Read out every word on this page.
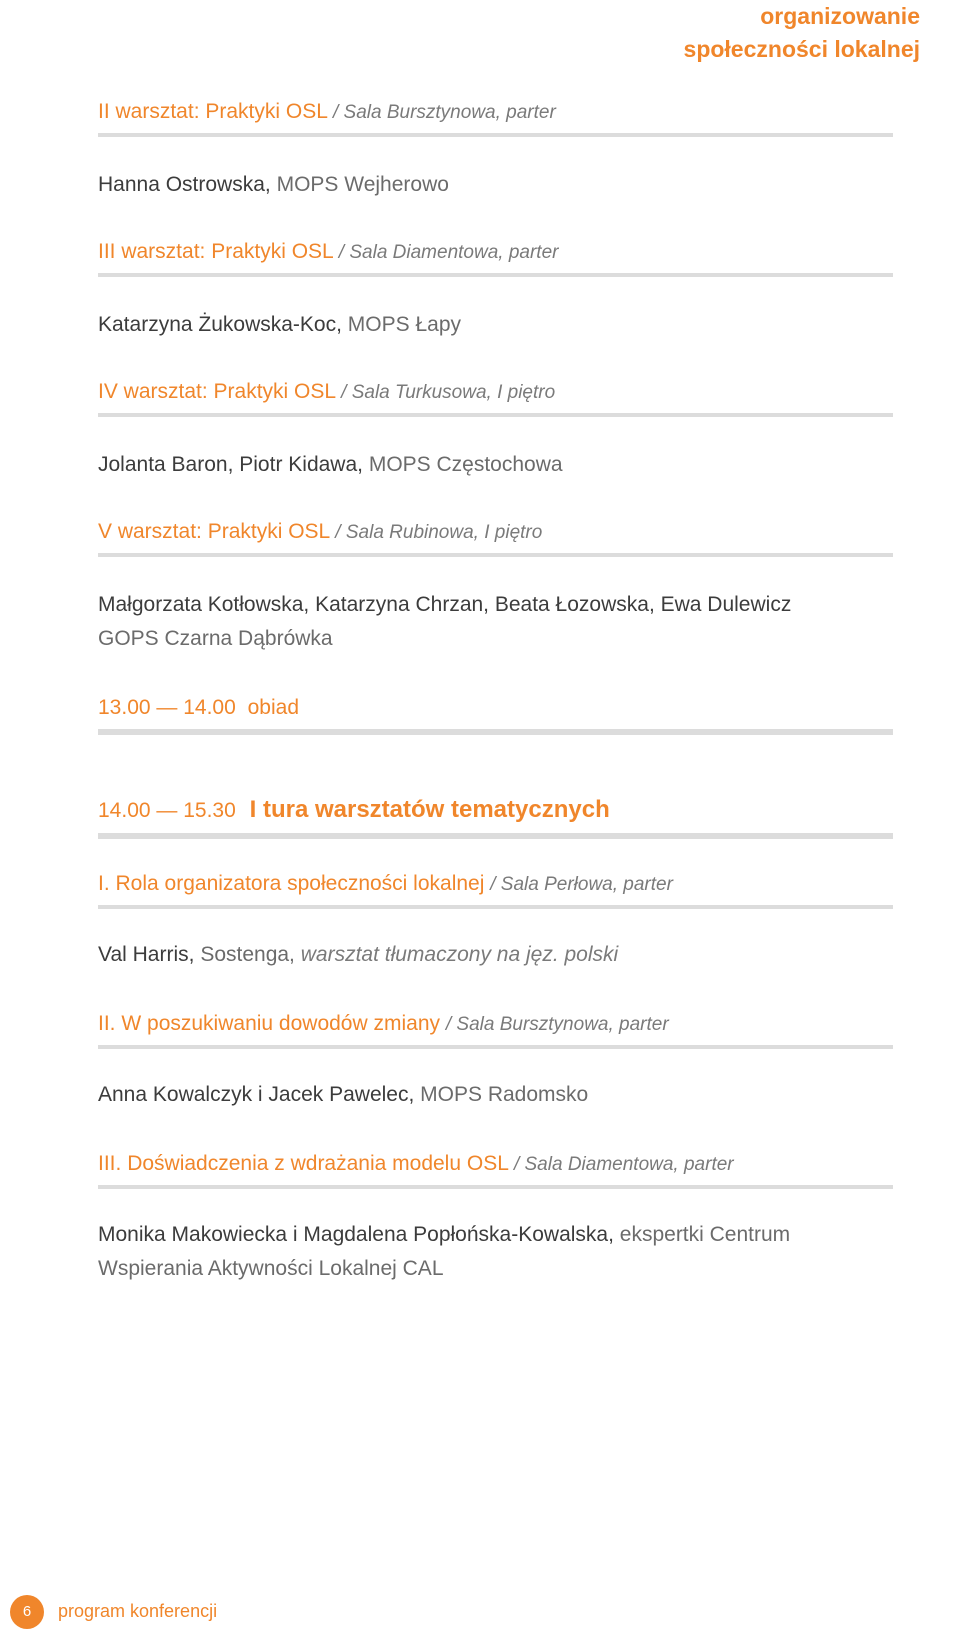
organizowanie
społeczności lokalnej
II warsztat: Praktyki OSL / Sala Bursztynowa, parter
Hanna Ostrowska, MOPS Wejherowo
III warsztat: Praktyki OSL / Sala Diamentowa, parter
Katarzyna Żukowska-Koc, MOPS Łapy
IV warsztat: Praktyki OSL / Sala Turkusowa, I piętro
Jolanta Baron, Piotr Kidawa, MOPS Częstochowa
V warsztat: Praktyki OSL / Sala Rubinowa, I piętro
Małgorzata Kotłowska, Katarzyna Chrzan, Beata Łozowska, Ewa Dulewicz
GOPS Czarna Dąbrówka
13.00 — 14.00 obiad
14.00 — 15.30 I tura warsztatów tematycznych
I. Rola organizatora społeczności lokalnej / Sala Perłowa, parter
Val Harris, Sostenga, warsztat tłumaczony na jęz. polski
II. W poszukiwaniu dowodów zmiany / Sala Bursztynowa, parter
Anna Kowalczyk i Jacek Pawelec, MOPS Radomsko
III. Doświadczenia z wdrażania modelu OSL / Sala Diamentowa, parter
Monika Makowiecka i Magdalena Popłońska-Kowalska, ekspertki Centrum
Wspierania Aktywności Lokalnej CAL
6	program konferencji
